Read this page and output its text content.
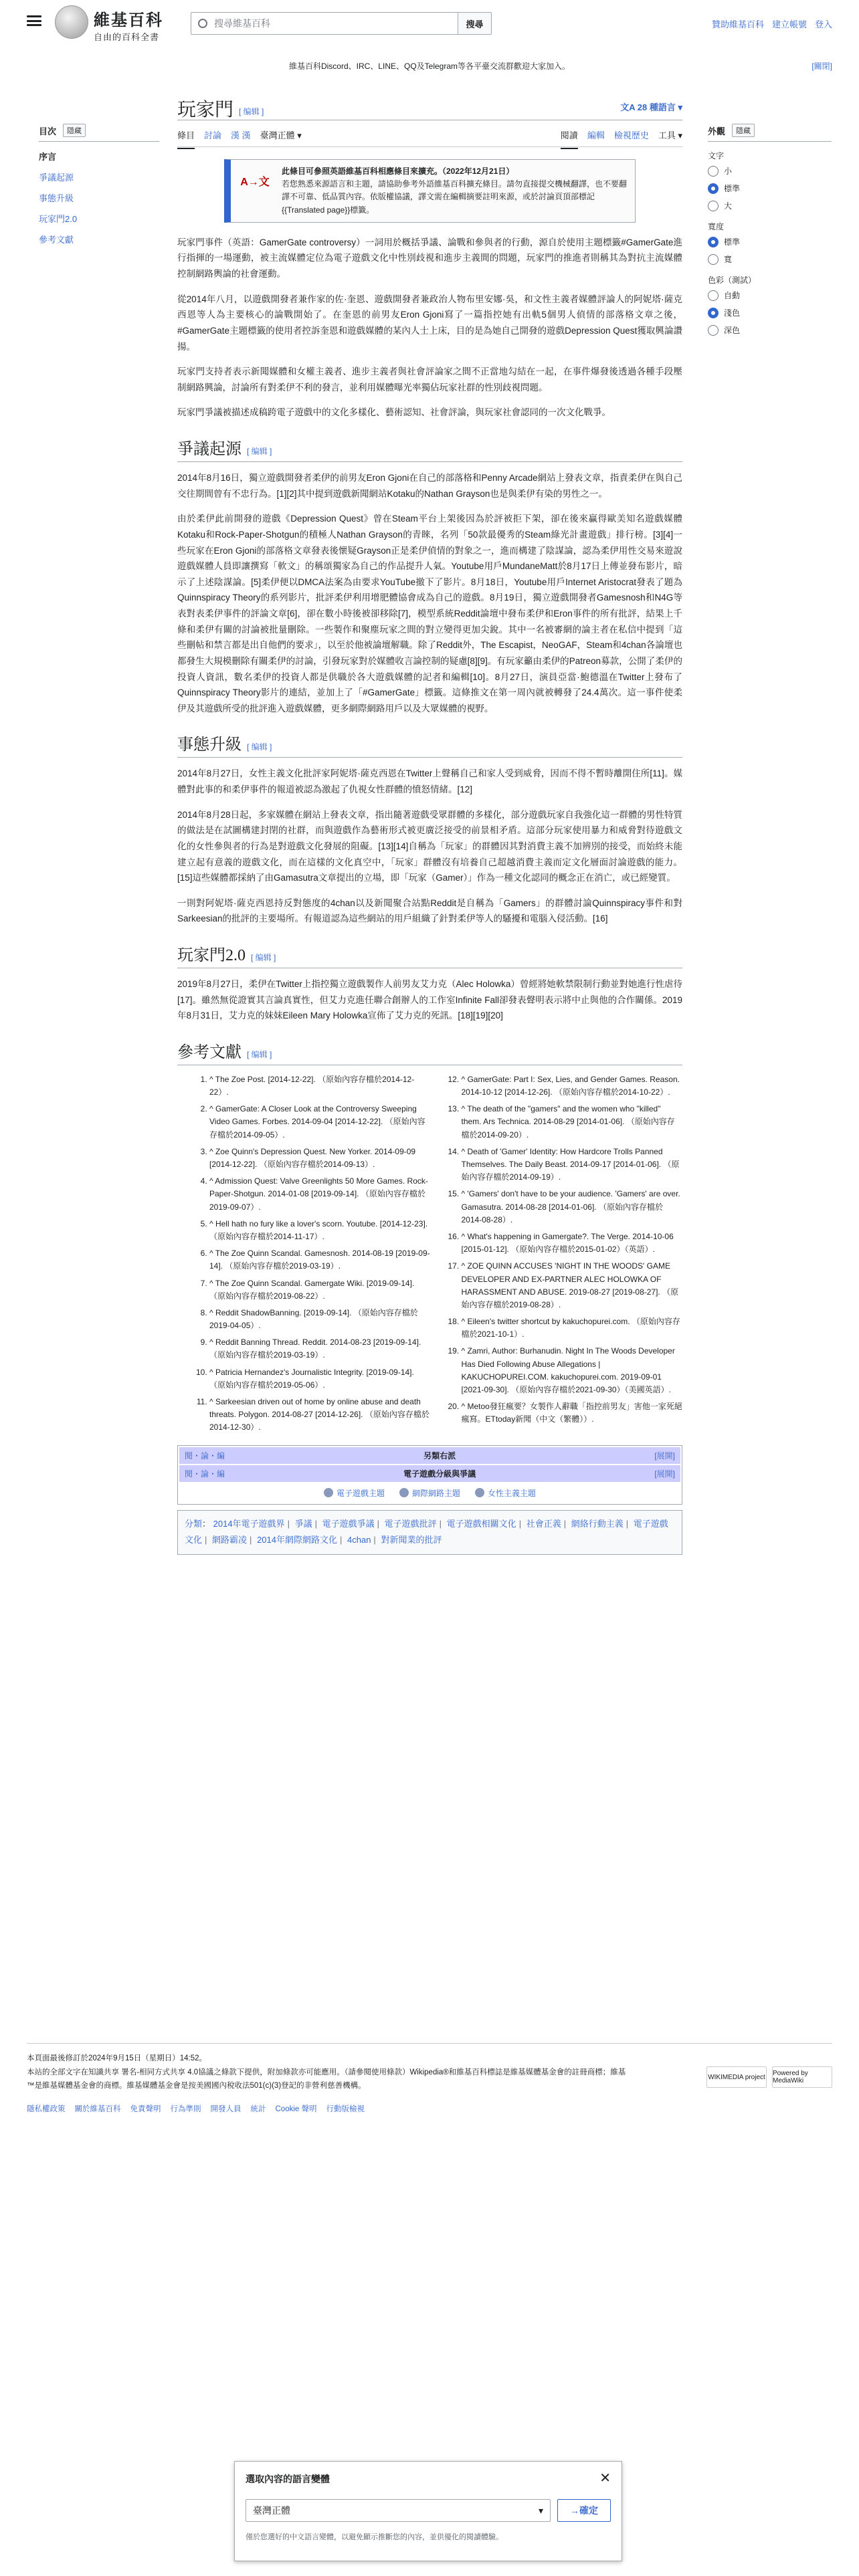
維基百科
自由的百科全書
搜尋維基百科	搜尋	贊助維基百科 建立帳號 登入
維基百科Discord、IRC、LINE、QQ及Telegram等各平臺交流群歡迎大家加入。	[關閉]
目次	隱藏
序言
爭議起源
事態升級
玩家門2.0
參考文獻
玩家門 [ 编辑 ]	文A 28 種語言 ▾
條目 討論 漢 漢 臺灣正體 ▾	閱讀 編輯 檢視歷史 工具 ▾
A→文
此條目可參照英語維基百科相應條目來擴充。（2022年12月21日）
若您熟悉來源語言和主題，請協助參考外語維基百科擴充條目。請勿直接提交機械翻譯，也不要翻譯不可靠、低品質內容。依版權協議，譯文需在編輯摘要註明來源，或於討論頁頂部標記{{Translated page}}標籤。

玩家門事件（英語：GamerGate controversy）一詞用於概括爭議、論戰和參與者的行動，源自於使用主題標籤#GamerGate進行指揮的一場運動，被主流媒體定位為電子遊戲文化中性別歧視和進步主義間的問題，玩家門的推進者則稱其為對抗主流媒體控制網路輿論的社會運動。

從2014年八月，以遊戲開發者兼作家的佐·奎恩、遊戲開發者兼政治人物布里安娜·吳，和文性主義者媒體評論人的阿妮塔·薩克西恩等人為主要核心的論戰開始了。在奎恩的前男友Eron Gjoni寫了一篇指控她有出軌5個男人偵情的部落格文章之後，#GamerGate主題標籤的使用者控訴奎恩和遊戲媒體的某內人士上床，目的是為她自己開發的遊戲Depression Quest獲取興論讚揚。

玩家門支持者表示新聞媒體和女權主義者、進步主義者與社會評論家之間不正當地勾結在一起，在事件爆發後透過各種手段壓制網路興論，討論所有對柔伊不利的發言，並利用媒體曝光率獨佔玩家社群的性別歧視問題。

玩家門爭議被描述成稿跨電子遊戲中的文化多樣化、藝術認知、社會評論，與玩家社會認同的一次文化戰爭。

爭議起源 [ 编辑 ]

2014年8月16日，獨立遊戲開發者柔伊的前男友Eron Gjoni在自己的部落格和Penny Arcade網站上發表文章，指責柔伊在與自己交往期間曾有不忠行為。[1][2]其中提到遊戲新聞網站Kotaku的Nathan Grayson也是與柔伊有染的男性之一。

由於柔伊此前開發的遊戲《Depression Quest》曾在Steam平台上架後因為於評被拒下架，卻在後來贏得歐美知名遊戲媒體Kotaku和Rock-Paper-Shotgun的積極人Nathan Grayson的青睞，名列「50款最優秀的Steam綠光計畫遊戲」排行榜。[3][4]一些玩家在Eron Gjoni的部落格文章發表後懷疑Grayson正是柔伊偵情的對象之一，進而構建了陰謀論，認為柔伊用性交易來遊說遊戲媒體人員即讓撰寫「軟文」的稱頌獨家為自己的作品提升人氣。Youtube用戶MundaneMatt於8月17日上傳並發布影片，暗示了上述陰謀論。[5]柔伊便以DMCA法案為由要求YouTube撤下了影片。8月18日，Youtube用戶Internet Aristocrat發表了題為Quinnspiracy Theory的系列影片，批評柔伊利用增肥體協會成為自己的遊戲。8月19日，獨立遊戲開發者Gamesnosh和N4G等表對表柔伊事件的評論文章[6]，卻在數小時後被卻移除[7]，模型系統Reddit論壇中發布柔伊和Eron事件的所有批評，結果上千條和柔伊有關的討論被批量刪除。一些製作和聚塵玩家之間的對立變得更加尖銳。其中一名被審網的論主者在私信中提到「這些刪帖和禁言都是出自他們的要求」，以至於他被論壇解職。除了Reddit外，The Escapist，NeoGAF，Steam和4chan各論壇也都發生大規模刪除有關柔伊的討論，引發玩家對於媒體收言論控制的疑慮[8][9]。有玩家籲由柔伊的Patreon募款，公開了柔伊的投資人資訊，數名柔伊的投資人都是供職於各大遊戲媒體的記者和編輯[10]。8月27日，演員亞當·鮑德溫在Twitter上發布了Quinnspiracy Theory影片的連結，並加上了「#GamerGate」標籤。這條推文在第一周內就被轉發了24.4萬次。這一事件使柔伊及其遊戲所受的批評進入遊戲媒體，更多網際網路用戶以及大眾媒體的視野。

事態升級 [ 编辑 ]

2014年8月27日，女性主義文化批評家阿妮塔·薩克西恩在Twitter上聲稱自己和家人受到威脅，因而不得不暫時離開住所[11]。媒體對此事的和柔伊事件的報道被認為激起了仇視女性群體的憤怒情緒。[12]

2014年8月28日起，多家媒體在網站上發表文章，指出隨著遊戲受眾群體的多樣化，部分遊戲玩家自我強化這一群體的男性特質的做法是在試圖構建封閉的社群，而與遊戲作為藝術形式被更廣泛接受的前景相矛盾。這部分玩家使用暴力和威脅對待遊戲文化的女性參與者的行為是對遊戲文化發展的阻礙。[13][14]自稱為「玩家」的群體因其對消費主義不加辨別的接受，而始終未能建立起有意義的遊戲文化，而在這樣的文化真空中，「玩家」群體沒有培養自己超越消費主義而定文化層面討論遊戲的能力。[15]這些媒體都採納了由Gamasutra文章提出的立場，即「玩家（Gamer）」作為一種文化認同的概念正在消亡，或已經變質。

一則對阿妮塔·薩克西恩持反對態度的4chan以及新聞聚合站點Reddit是自稱為「Gamers」的群體討論Quinnspiracy事件和對Sarkeesian的批評的主要場所。有報道認為這些網站的用戶組織了針對柔伊等人的騷擾和電腦入侵活動。[16]

玩家門2.0 [ 编辑 ]

2019年8月27日，柔伊在Twitter上指控獨立遊戲製作人前男友艾力克（Alec Holowka）曾經將她軟禁限制行動並對她進行性虐待[17]。雖然無從證實其言論真實性，但艾力克進任聯合創辦人的工作室Infinite Fall卻發表聲明表示將中止與他的合作關係。2019年8月31日，艾力克的妹妹Eileen Mary Holowka宣佈了艾力克的死訊。[18][19][20]

參考文獻 [ 编辑 ]
1. ^ The Zoe Post. [2014-12-22]. （原始內容存檔於2014-12-22）.
2. ^ GamerGate: A Closer Look at the Controversy Sweeping Video Games. Forbes. 2014-09-04 [2014-12-22]. （原始內容存檔於2014-09-05）.
3. ^ Zoe Quinn's Depression Quest. New Yorker. 2014-09-09 [2014-12-22]. （原始內容存檔於2014-09-13）.
4. ^ Admission Quest: Valve Greenlights 50 More Games. Rock-Paper-Shotgun. 2014-01-08 [2019-09-14]. （原始內容存檔於2019-09-07）.
5. ^ Hell hath no fury like a lover's scorn. Youtube. [2014-12-23]. （原始內容存檔於2014-11-17）.
6. ^ The Zoe Quinn Scandal. Gamesnosh. 2014-08-19 [2019-09-14]. （原始內容存檔於2019-03-19）.
7. ^ The Zoe Quinn Scandal. Gamergate Wiki. [2019-09-14]. （原始內容存檔於2019-08-22）.
8. ^ Reddit ShadowBanning. [2019-09-14]. （原始內容存檔於2019-04-05）.
9. ^ Reddit Banning Thread. Reddit. 2014-08-23 [2019-09-14]. （原始內容存檔於2019-03-19）.
10. ^ Patricia Hernandez's Journalistic Integrity. [2019-09-14]. （原始內容存檔於2019-05-06）.
11. ^ Sarkeesian driven out of home by online abuse and death threats. Polygon. 2014-08-27 [2014-12-26]. （原始內容存檔於2014-12-30）.
12. ^ GamerGate: Part I: Sex, Lies, and Gender Games. Reason. 2014-10-12 [2014-12-26]. （原始內容存檔於2014-10-22）.
13. ^ The death of the "gamers" and the women who "killed" them. Ars Technica. 2014-08-29 [2014-01-06]. （原始內容存檔於2014-09-20）.
14. ^ Death of 'Gamer' Identity: How Hardcore Trolls Panned Themselves. The Daily Beast. 2014-09-17 [2014-01-06]. （原始內容存檔於2014-09-19）.
15. ^ 'Gamers' don't have to be your audience. 'Gamers' are over. Gamasutra. 2014-08-28 [2014-01-06]. （原始內容存檔於2014-08-28）.
16. ^ What's happening in Gamergate?. The Verge. 2014-10-06 [2015-01-12]. （原始內容存檔於2015-01-02）（英語）.
17. ^ ZOE QUINN ACCUSES 'NIGHT IN THE WOODS' GAME DEVELOPER AND EX-PARTNER ALEC HOLOWKA OF HARASSMENT AND ABUSE. 2019-08-27 [2019-08-27]. （原始內容存檔於2019-08-28）.
18. ^ Eileen's twitter shortcut by kakuchopurei.com. （原始內容存檔於2021-10-1）.
19. ^ Zamri, Author: Burhanudin. Night In The Woods Developer Has Died Following Abuse Allegations | KAKUCHOPUREI.COM. kakuchopurei.com. 2019-09-01 [2021-09-30]. （原始內容存檔於2021-09-30）（美國英語）.
20. ^ Metoo發狂瘋要？女製作人辭職「指控前男友」害他一家死絕瘋寫。ETtoday新聞（中文（繁體））.
閱・論・編	另類右派	[展開]
閱・論・編	電子遊戲分級與爭議	[展開]
電子遊戲主題	網際網路主題	女性主義主題
分類： 2014年電子遊戲界 | 爭議 | 電子遊戲爭議 | 電子遊戲批評 | 電子遊戲相關文化 | 社會正義 | 網絡行動主義 | 電子遊戲文化 | 網路霸凌 | 2014年網際網路文化 | 4chan | 對新聞業的批評
外觀	隱藏
文字
小
標準
大
寬度
標準
寬
色彩（測試）
自動
淺色
深色
本頁面最後修訂於2024年9月15日（星期日）14:52。
本站的全部文字在知識共享 署名-相同方式共享 4.0協議之條款下提供，附加條款亦可能應用。（請參閱使用條款）Wikipedia®和維基百科標誌是維基媒體基金會的註冊商標；維基™是維基媒體基金會的商標。維基媒體基金會是按美國國內稅收法501(c)(3)登記的非營利慈善機構。
隱私權政策 關於維基百科 免責聲明 行為準則 開發人員 統計 Cookie 聲明 行動版檢視
WIKIMEDIA project Powered by MediaWiki
選取內容的語言變體	✕
臺灣正體	▾	→ 確定
僅於您選好的中文語言變體，以避免顯示推斷您的內容，並供優化的閱讀體驗。
